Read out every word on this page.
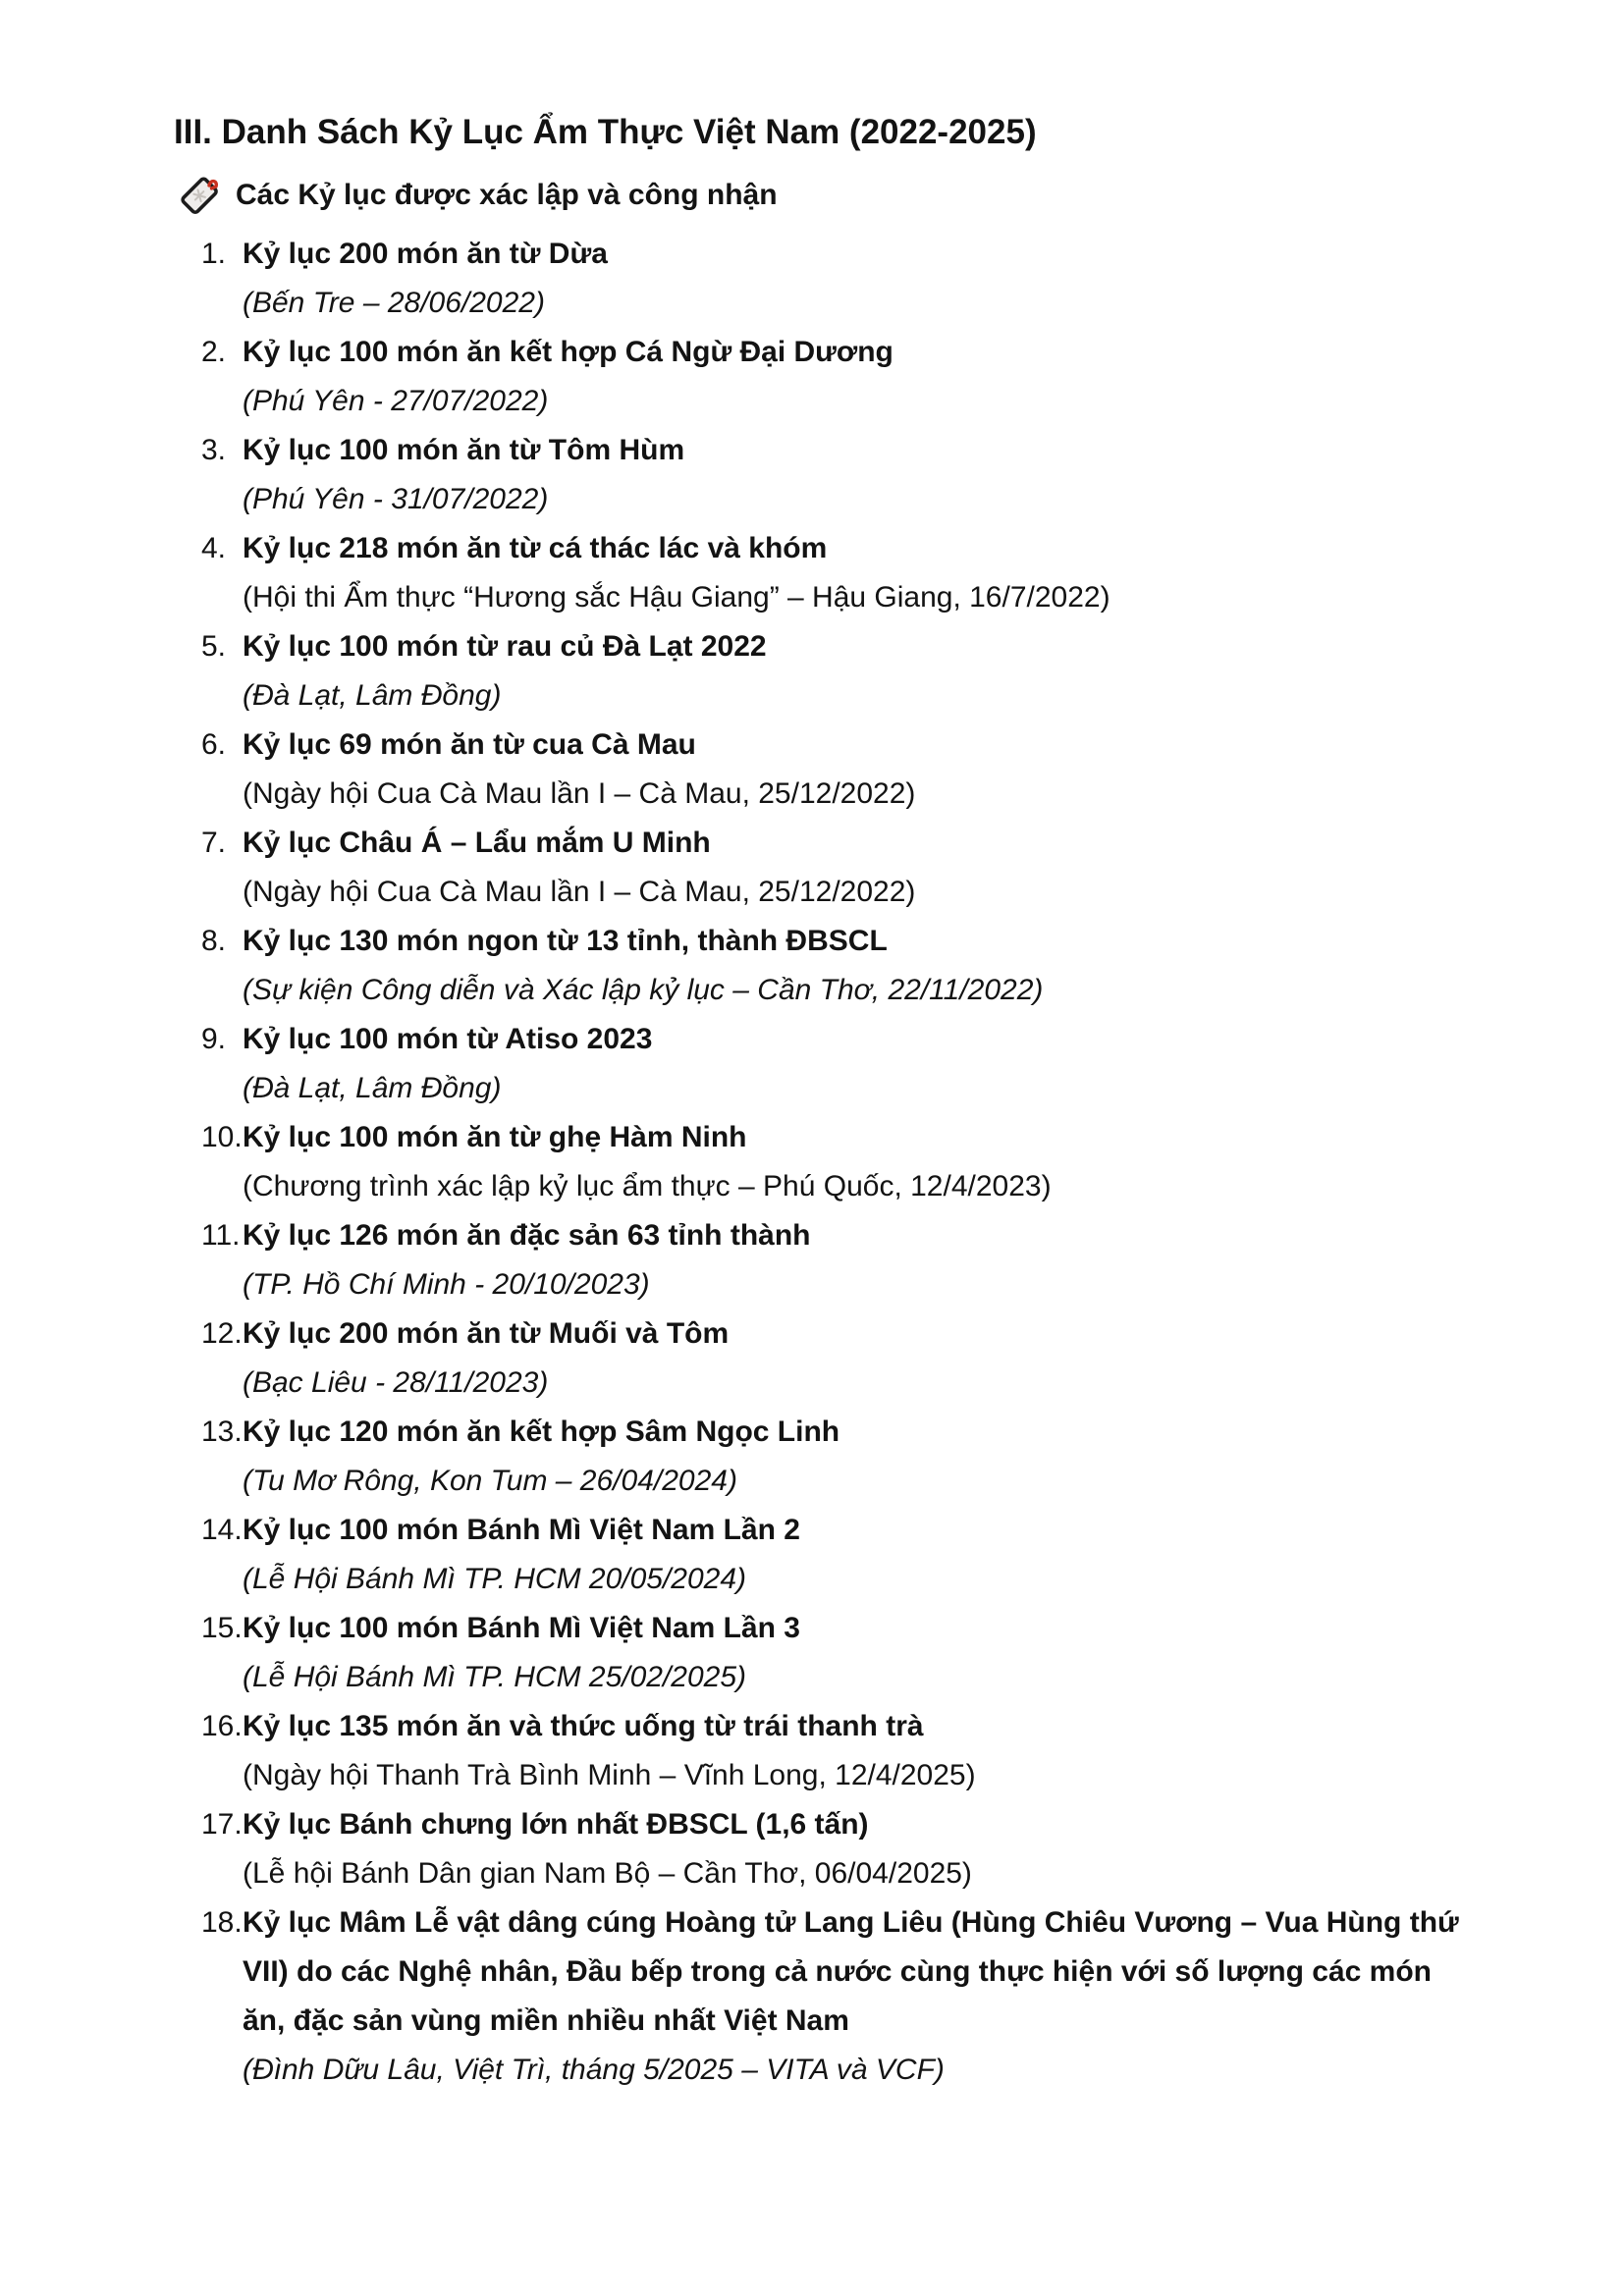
III. Danh Sách Kỷ Lục Ẩm Thực Việt Nam (2022-2025)
Các Kỷ lục được xác lập và công nhận
1. Kỷ lục 200 món ăn từ Dừa
(Bến Tre – 28/06/2022)
2. Kỷ lục 100 món ăn kết hợp Cá Ngừ Đại Dương
(Phú Yên - 27/07/2022)
3. Kỷ lục 100 món ăn từ Tôm Hùm
(Phú Yên - 31/07/2022)
4. Kỷ lục 218 món ăn từ cá thác lác và khóm
(Hội thi Ẩm thực “Hương sắc Hậu Giang” – Hậu Giang, 16/7/2022)
5. Kỷ lục 100 món từ rau củ Đà Lạt 2022
(Đà Lạt, Lâm Đồng)
6. Kỷ lục 69 món ăn từ cua Cà Mau
(Ngày hội Cua Cà Mau lần I – Cà Mau, 25/12/2022)
7. Kỷ lục Châu Á – Lẩu mắm U Minh
(Ngày hội Cua Cà Mau lần I – Cà Mau, 25/12/2022)
8. Kỷ lục 130 món ngon từ 13 tỉnh, thành ĐBSCL
(Sự kiện Công diễn và Xác lập kỷ lục – Cần Thơ, 22/11/2022)
9. Kỷ lục 100 món từ Atiso 2023
(Đà Lạt, Lâm Đồng)
10. Kỷ lục 100 món ăn từ ghẹ Hàm Ninh
(Chương trình xác lập kỷ lục ẩm thực – Phú Quốc, 12/4/2023)
11. Kỷ lục 126 món ăn đặc sản 63 tỉnh thành
(TP. Hồ Chí Minh - 20/10/2023)
12. Kỷ lục 200 món ăn từ Muối và Tôm
(Bạc Liêu - 28/11/2023)
13. Kỷ lục 120 món ăn kết hợp Sâm Ngọc Linh
(Tu Mơ Rông, Kon Tum – 26/04/2024)
14. Kỷ lục 100 món Bánh Mì Việt Nam Lần 2
(Lễ Hội Bánh Mì TP. HCM 20/05/2024)
15. Kỷ lục 100 món Bánh Mì Việt Nam Lần 3
(Lễ Hội Bánh Mì TP. HCM 25/02/2025)
16. Kỷ lục 135 món ăn và thức uống từ trái thanh trà
(Ngày hội Thanh Trà Bình Minh – Vĩnh Long, 12/4/2025)
17. Kỷ lục Bánh chưng lớn nhất ĐBSCL (1,6 tấn)
(Lễ hội Bánh Dân gian Nam Bộ – Cần Thơ, 06/04/2025)
18. Kỷ lục Mâm Lễ vật dâng cúng Hoàng tử Lang Liêu (Hùng Chiêu Vương – Vua Hùng thứ VII) do các Nghệ nhân, Đầu bếp trong cả nước cùng thực hiện với số lượng các món ăn, đặc sản vùng miền nhiều nhất Việt Nam
(Đình Dữu Lâu, Việt Trì, tháng 5/2025 – VITA và VCF)
